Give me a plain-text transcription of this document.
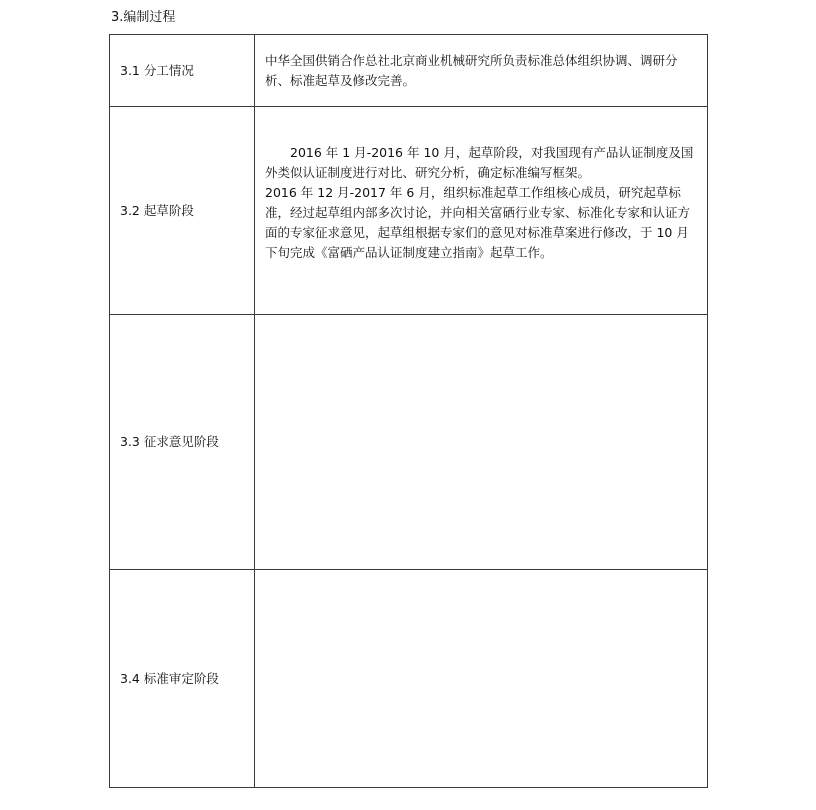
3.编制过程
3.1 分工情况	中华全国供销合作总社北京商业机械研究所负责标准总体组织协调、调研分析、标准起草及修改完善。

3.2 起草阶段	2016 年 1 月-2016 年 10 月，起草阶段，对我国现有产品认证制度及国外类似认证制度进行对比、研究分析，确定标准编写框架。

2016 年 12 月-2017 年 6 月，组织标准起草工作组核心成员，研究起草标准，经过起草组内部多次讨论，并向相关富硒行业专家、标准化专家和认证方面的专家征求意见，起草组根据专家们的意见对标准草案进行修改，于 10 月下旬完成《富硒产品认证制度建立指南》起草工作。

3.3 征求意见阶段	
3.4 标准审定阶段	
